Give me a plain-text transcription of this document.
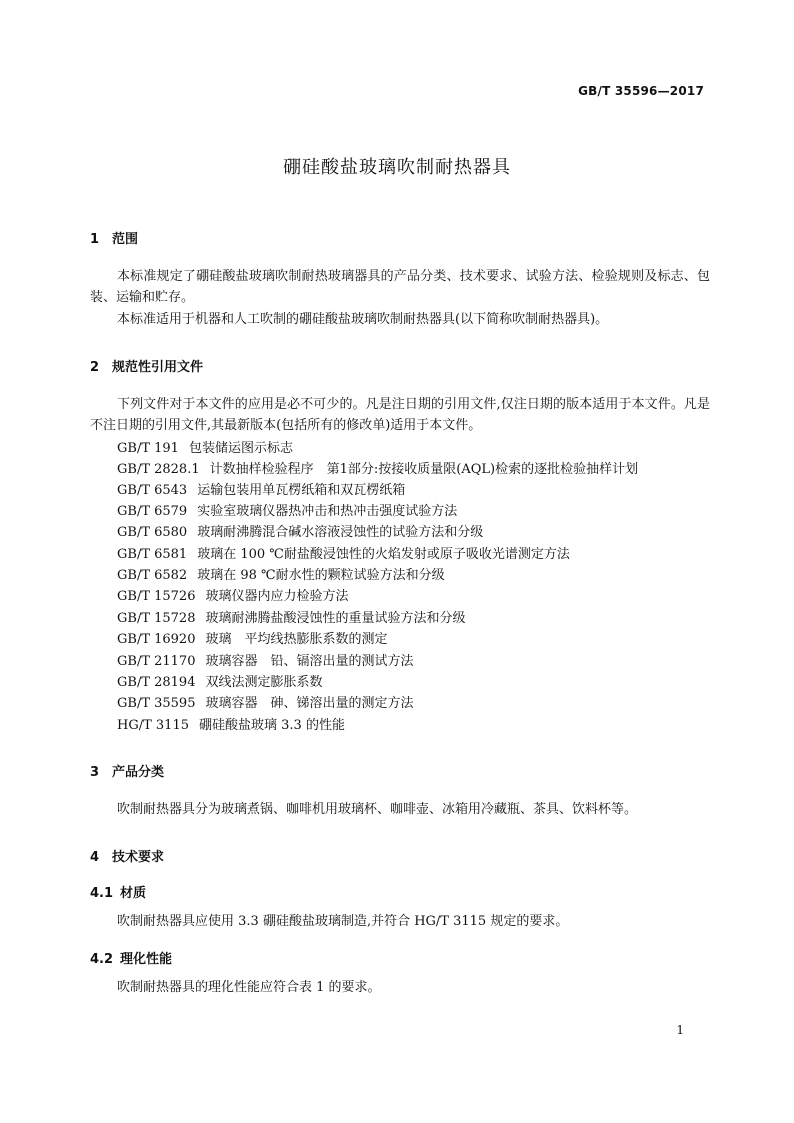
GB/T 35596—2017
硼硅酸盐玻璃吹制耐热器具
1 范围
本标准规定了硼硅酸盐玻璃吹制耐热玻璃器具的产品分类、技术要求、试验方法、检验规则及标志、包装、运输和贮存。
本标准适用于机器和人工吹制的硼硅酸盐玻璃吹制耐热器具(以下简称吹制耐热器具)。
2 规范性引用文件
下列文件对于本文件的应用是必不可少的。凡是注日期的引用文件,仅注日期的版本适用于本文件。凡是不注日期的引用文件,其最新版本(包括所有的修改单)适用于本文件。
GB/T 191 包装储运图示标志
GB/T 2828.1 计数抽样检验程序　第1部分:按接收质量限(AQL)检索的逐批检验抽样计划
GB/T 6543 运输包装用单瓦楞纸箱和双瓦楞纸箱
GB/T 6579 实验室玻璃仪器热冲击和热冲击强度试验方法
GB/T 6580 玻璃耐沸腾混合碱水溶液浸蚀性的试验方法和分级
GB/T 6581 玻璃在 100 ℃耐盐酸浸蚀性的火焰发射或原子吸收光谱测定方法
GB/T 6582 玻璃在 98 ℃耐水性的颗粒试验方法和分级
GB/T 15726 玻璃仪器内应力检验方法
GB/T 15728 玻璃耐沸腾盐酸浸蚀性的重量试验方法和分级
GB/T 16920 玻璃　平均线热膨胀系数的测定
GB/T 21170 玻璃容器　铅、镉溶出量的测试方法
GB/T 28194 双线法测定膨胀系数
GB/T 35595 玻璃容器　砷、锑溶出量的测定方法
HG/T 3115 硼硅酸盐玻璃 3.3 的性能
3 产品分类
吹制耐热器具分为玻璃煮锅、咖啡机用玻璃杯、咖啡壶、冰箱用冷藏瓶、茶具、饮料杯等。
4 技术要求
4.1 材质
吹制耐热器具应使用 3.3 硼硅酸盐玻璃制造,并符合 HG/T 3115 规定的要求。
4.2 理化性能
吹制耐热器具的理化性能应符合表 1 的要求。
1
